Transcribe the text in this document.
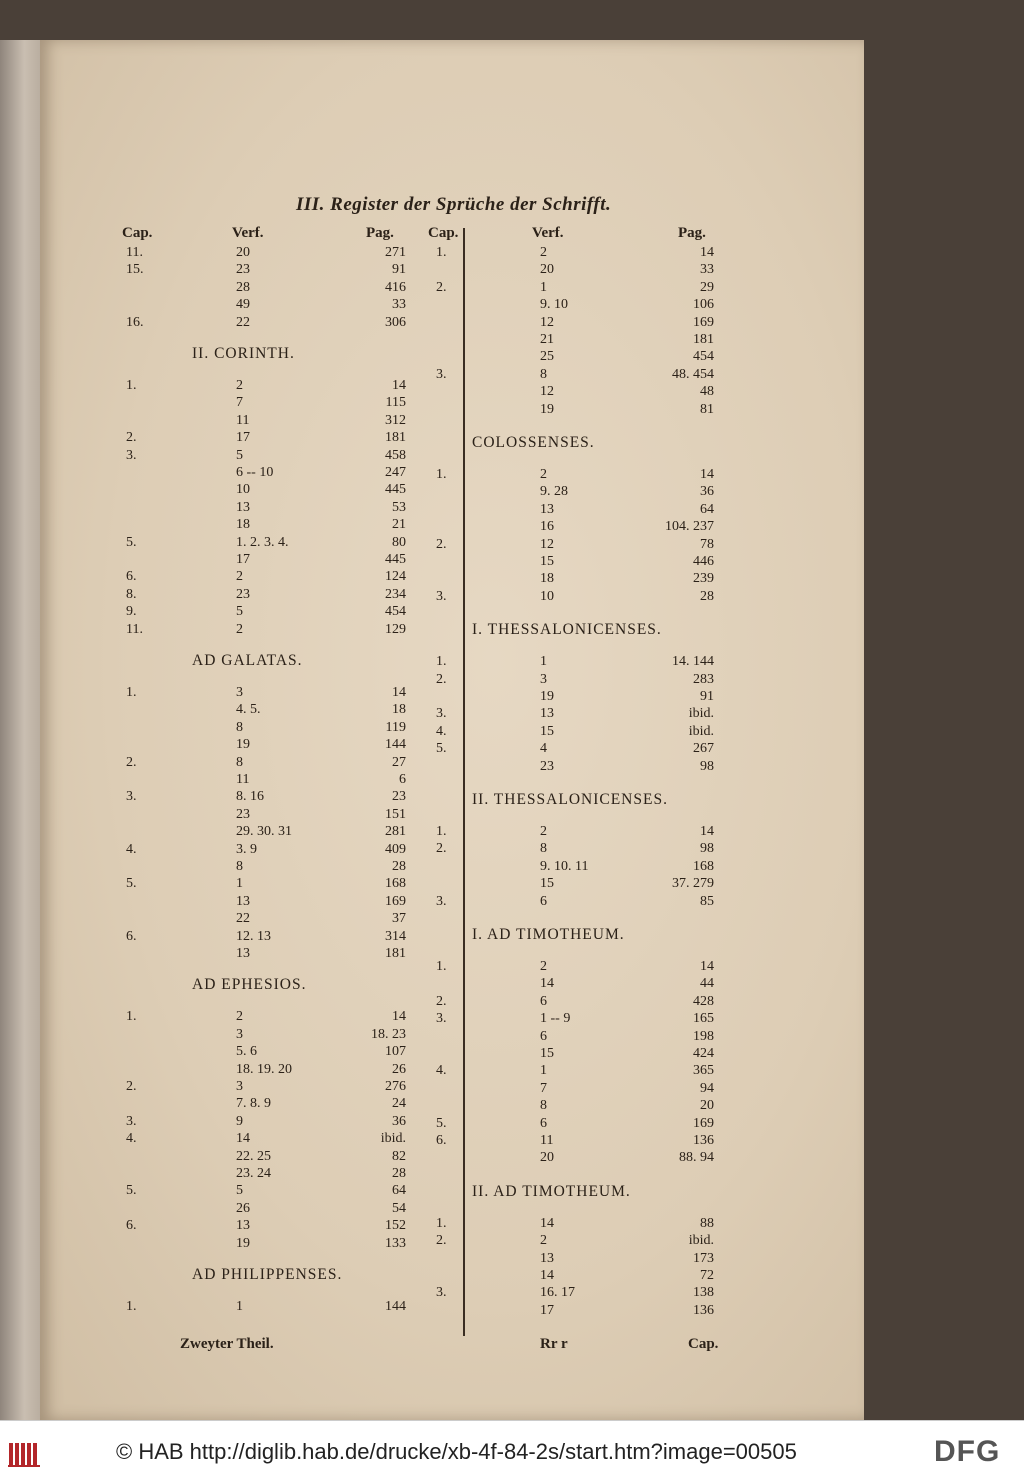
III. Register der Sprüche der Schrifft.
Cap.	Verf.	Pag. Cap.	Verf.	Pag.
11.	20	271
15.	23	91
28	416
49	33
16.	22	306
II. CORINTH.
1.	2	14
7	115
11	312
2.	17	181
3.	5	458
6 -- 10	247
10	445
13	53
18	21
5.	1. 2. 3. 4.	80
17	445
6.	2	124
8.	23	234
9.	5	454
11.	2	129
AD GALATAS.
1.	3	14
4. 5.	18
8	119
19	144
2.	8	27
11	6
3.	8. 16	23
23	151
29. 30. 31	281
4.	3. 9	409
8	28
5.	1	168
13	169
22	37
6.	12. 13	314
13	181
AD EPHESIOS.
1.	2	14
3	18. 23
5. 6	107
18. 19. 20	26
2.	3	276
7. 8. 9	24
3.	9	36
4.	14	ibid.
22. 25	82
23. 24	28
5.	5	64
26	54
6.	13	152
19	133
AD PHILIPPENSES.
1.	1	144
1.	2	14
20	33
2.	1	29
9. 10	106
12	169
21	181
25	454
3.	8	48. 454
12	48
19	81
COLOSSENSES.
1.	2	14
9. 28	36
13	64
16	104. 237
2.	12	78
15	446
18	239
3.	10	28
I. THESSALONICENSES.
1.	1	14. 144
2.	3	283
19	91
3.	13	ibid.
4.	15	ibid.
5.	4	267
23	98
II. THESSALONICENSES.
1.	2	14
2.	8	98
9. 10. 11	168
15	37. 279
3.	6	85
I. AD TIMOTHEUM.
1.	2	14
14	44
2.	6	428
3.	1 -- 9	165
6	198
15	424
4.	1	365
7	94
8	20
5.	6	169
6.	11	136
20	88. 94
II. AD TIMOTHEUM.
1.	14	88
2.	2	ibid.
13	173
14	72
3.	16. 17	138
17	136
Zweyter Theil.	Rr r	Cap.
© HAB http://diglib.hab.de/drucke/xb-4f-84-2s/start.htm?image=00505	DFG
